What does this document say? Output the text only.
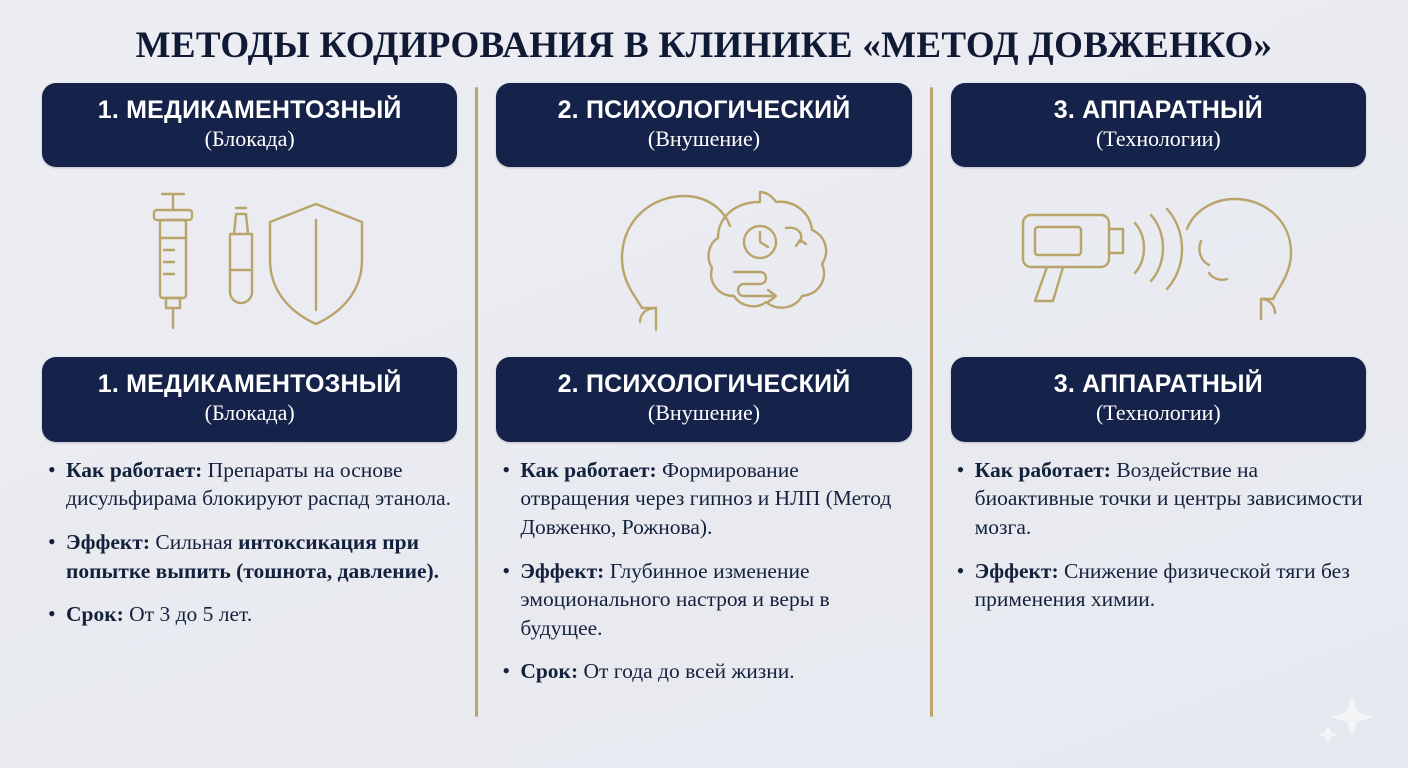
МЕТОДЫ КОДИРОВАНИЯ В КЛИНИКЕ «МЕТОД ДОВЖЕНКО»
1. МЕДИКАМЕНТОЗНЫЙ
(Блокада)
1. МЕДИКАМЕНТОЗНЫЙ
(Блокада)
• Как работает: Препараты на основе дисульфирама блокируют распад этанола.
• Эффект: Сильная интоксикация при попытке выпить (тошнота, давление).
• Срок: От 3 до 5 лет.
2. ПСИХОЛОГИЧЕСКИЙ
(Внушение)
2. ПСИХОЛОГИЧЕСКИЙ
(Внушение)
• Как работает: Формирование отвращения через гипноз и НЛП (Метод Довженко, Рожнова).
• Эффект: Глубинное изменение эмоционального настроя и веры в будущее.
• Срок: От года до всей жизни.
3. АППАРАТНЫЙ
(Технологии)
3. АППАРАТНЫЙ
(Технологии)
• Как работает: Воздействие на биоактивные точки и центры зависимости мозга.
• Эффект: Снижение физической тяги без применения химии.
